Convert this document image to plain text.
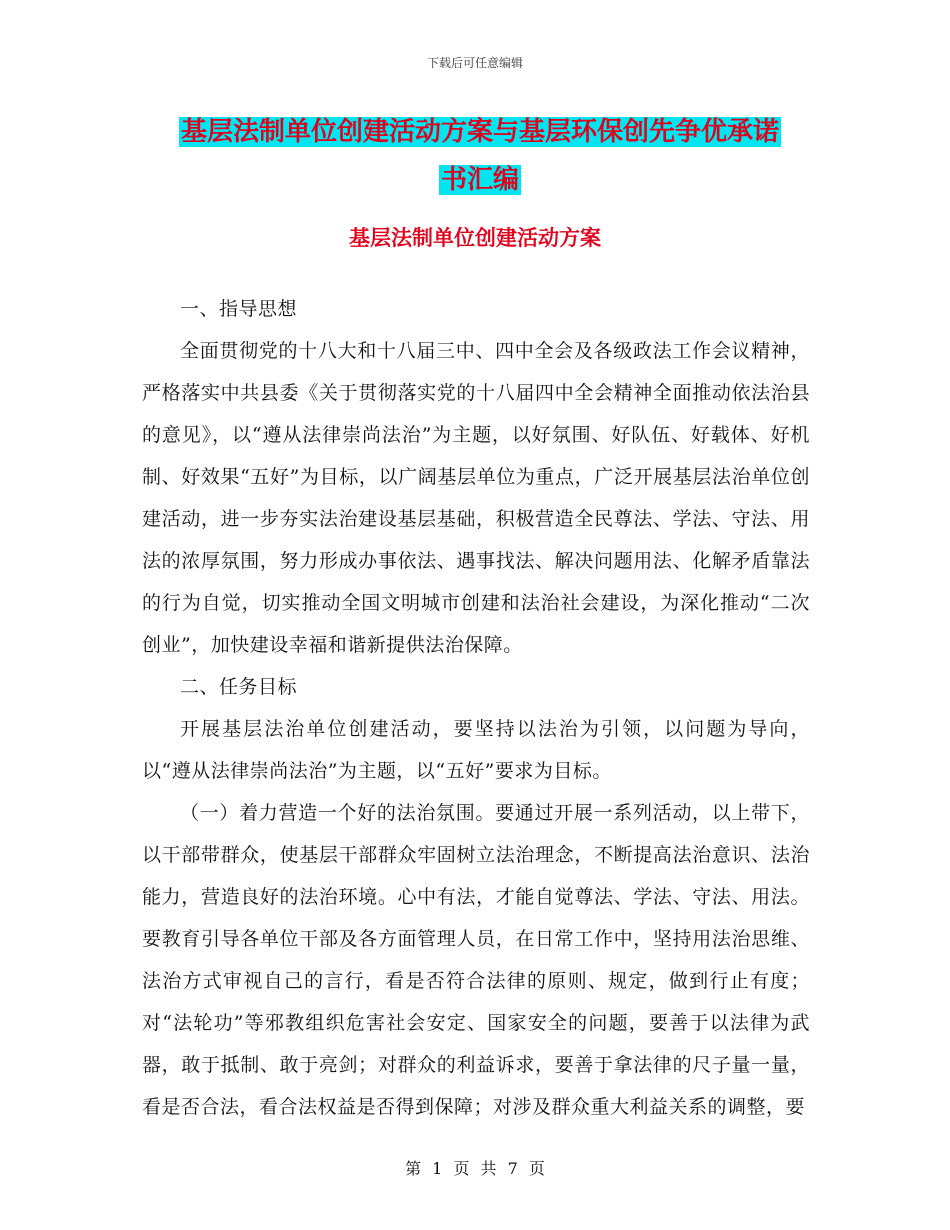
下载后可任意编辑
基层法制单位创建活动方案与基层环保创先争优承诺
书汇编
基层法制单位创建活动方案

一、指导思想

全面贯彻党的十八大和十八届三中、四中全会及各级政法工作会议精神，严格落实中共县委《关于贯彻落实党的十八届四中全会精神全面推动依法治县的意见》，以“遵从法律崇尚法治”为主题，以好氛围、好队伍、好载体、好机制、好效果“五好”为目标，以广阔基层单位为重点，广泛开展基层法治单位创建活动，进一步夯实法治建设基层基础，积极营造全民尊法、学法、守法、用法的浓厚氛围，努力形成办事依法、遇事找法、解决问题用法、化解矛盾靠法的行为自觉，切实推动全国文明城市创建和法治社会建设，为深化推动“二次创业”，加快建设幸福和谐新提供法治保障。

二、任务目标

开展基层法治单位创建活动，要坚持以法治为引领，以问题为导向，以“遵从法律崇尚法治”为主题，以“五好”要求为目标。

（一）着力营造一个好的法治氛围。要通过开展一系列活动，以上带下，以干部带群众，使基层干部群众牢固树立法治理念，不断提高法治意识、法治能力，营造良好的法治环境。心中有法，才能自觉尊法、学法、守法、用法。要教育引导各单位干部及各方面管理人员，在日常工作中，坚持用法治思维、法治方式审视自己的言行，看是否符合法律的原则、规定，做到行止有度；对“法轮功”等邪教组织危害社会安定、国家安全的问题，要善于以法律为武器，敢于抵制、敢于亮剑；对群众的利益诉求，要善于拿法律的尺子量一量，看是否合法，看合法权益是否得到保障；对涉及群众重大利益关系的调整，要

第 1 页 共 7 页
